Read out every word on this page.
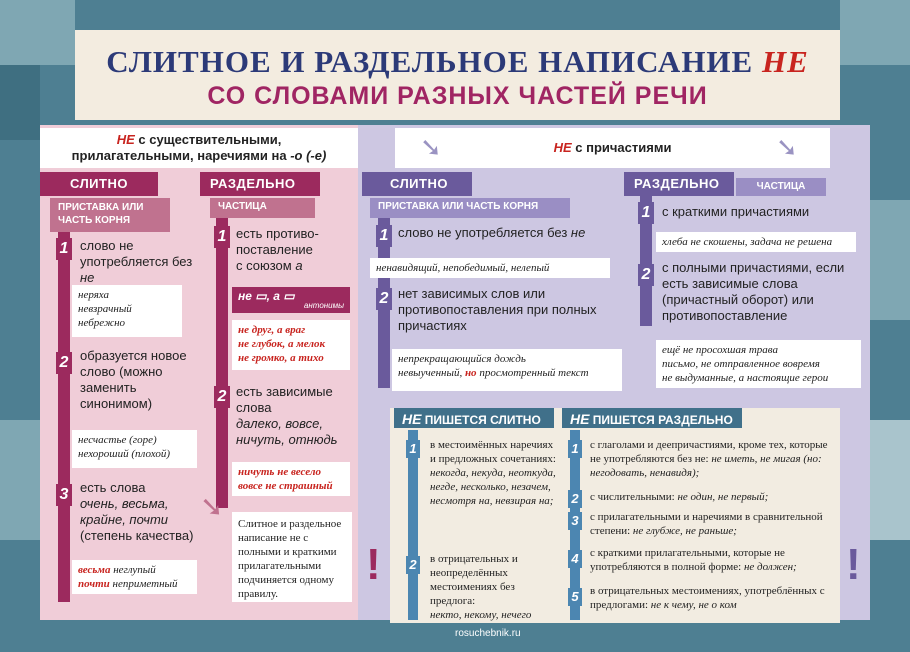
СЛИТНОЕ И РАЗДЕЛЬНОЕ НАПИСАНИЕ НЕ
СО СЛОВАМИ РАЗНЫХ ЧАСТЕЙ РЕЧИ
НЕ с существительными,
прилагательными, наречиями на -о (-е)
СЛИТНО	РАЗДЕЛЬНО
ПРИСТАВКА ИЛИ ЧАСТЬ КОРНЯ
ЧАСТИЦА
1 слово не употребляется без не
неряха
невзрачный
небрежно
2 образуется новое слово (можно заменить синонимом)
несчастье (горе)
нехороший (плохой)
3 есть слова
очень, весьма, крайне, почти
(степень качества)
весьма неглупый
почти неприметный
1 есть противо-
поставление
с союзом а
не ▭, а ▭
антонимы
не друг, а враг
не глубок, а мелок
не громко, а тихо
2 есть зависимые слова
далеко, вовсе, ничуть, отнюдь
ничуть не весело
вовсе не страшный
➘
Слитное и раздельное написание не с полными и краткими прилагательными подчиняется одному правилу.
НЕ с причастиями
➘	➘
СЛИТНО	РАЗДЕЛЬНО	ЧАСТИЦА
ПРИСТАВКА ИЛИ ЧАСТЬ КОРНЯ
1 слово не употребляется без не
ненавидящий, непобедимый, нелепый
2 нет зависимых слов или противопоставления при полных причастиях
непрекращающийся дождь
невыученный, но просмотренный текст
1 с краткими причастиями
хлеба не скошены, задача не решена
2 с полными причастиями, если есть зависимые слова (причастный оборот) или противопоставление
ещё не просохшая трава
письмо, не отправленное вовремя
не выдуманные, а настоящие герои
!	!
НЕ ПИШЕТСЯ СЛИТНО	НЕ ПИШЕТСЯ РАЗДЕЛЬНО
1	в местоимённых наречиях и предложных сочетаниях:
некогда, некуда, неоткуда, негде, несколько, незачем, несмотря на, невзирая на;
2	в отрицательных и неопределённых местоимениях без предлога:
некто, некому, нечего
1	с глаголами и деепричастиями, кроме тех, которые не употребляются без не: не иметь, не мигая (но: негодовать, ненавидя);
2	с числительными: не один, не первый;
3	с прилагательными и наречиями в сравнительной степени: не глубже, не раньше;
4	с краткими прилагательными, которые не употребляются в полной форме: не должен;
5	в отрицательных местоимениях, употреблённых с предлогами: не к чему, не о ком
rosuchebnik.ru
